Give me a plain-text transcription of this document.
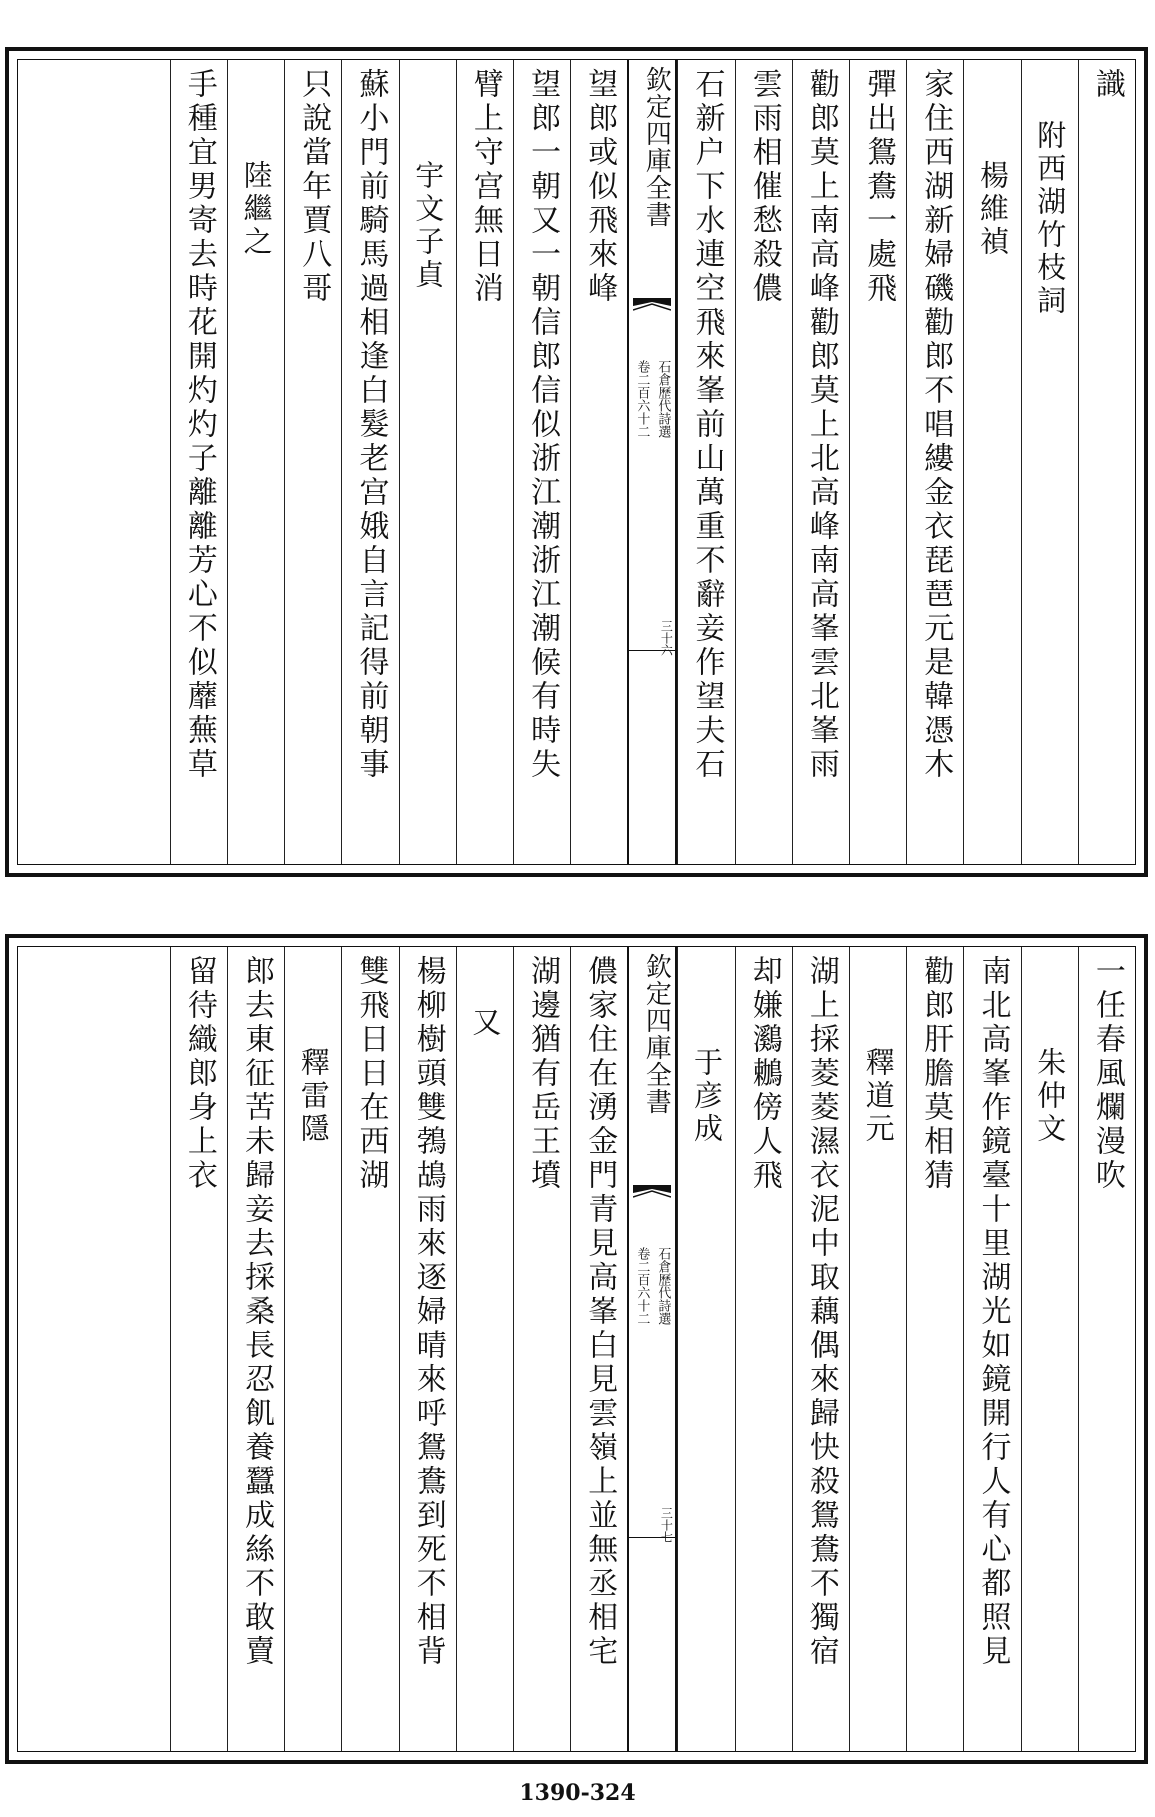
識
附西湖竹枝詞
楊維禎
家住西湖新婦磯勸郎不唱縷金衣琵琶元是韓憑木
彈出鴛鴦一處飛
勸郎莫上南高峰勸郎莫上北高峰南高峯雲北峯雨
雲雨相催愁殺儂
石新户下水連空飛來峯前山萬重不辭妾作望夫石
望郎或似飛來峰
望郎一朝又一朝信郎信似浙江潮浙江潮候有時失
臂上守宫無日消
宇文子貞
蘇小門前騎馬過相逢白髮老宫娥自言記得前朝事
只說當年賈八哥
陸繼之
手種宜男寄去時花開灼灼子離離芳心不似蘼蕪草	欽定四庫全書
石倉歷代詩選
卷二百六十二
三十六
一任春風爛漫吹
朱仲文
南北高峯作鏡臺十里湖光如鏡開行人有心都照見
勸郎肝膽莫相猜
釋道元
湖上採菱菱濕衣泥中取藕偶來歸快殺鴛鴦不獨宿
却嫌鸂鶒傍人飛
于彦成
儂家住在湧金門青見高峯白見雲嶺上並無丞相宅
湖邊猶有岳王墳
又
楊柳樹頭雙鵓鴣雨來逐婦晴來呼鴛鴦到死不相背
雙飛日日在西湖
釋雷隱
郎去東征苦未歸妾去採桑長忍飢養蠶成絲不敢賣
留待織郎身上衣	欽定四庫全書
石倉歷代詩選
卷二百六十二
三十七
1390-324
